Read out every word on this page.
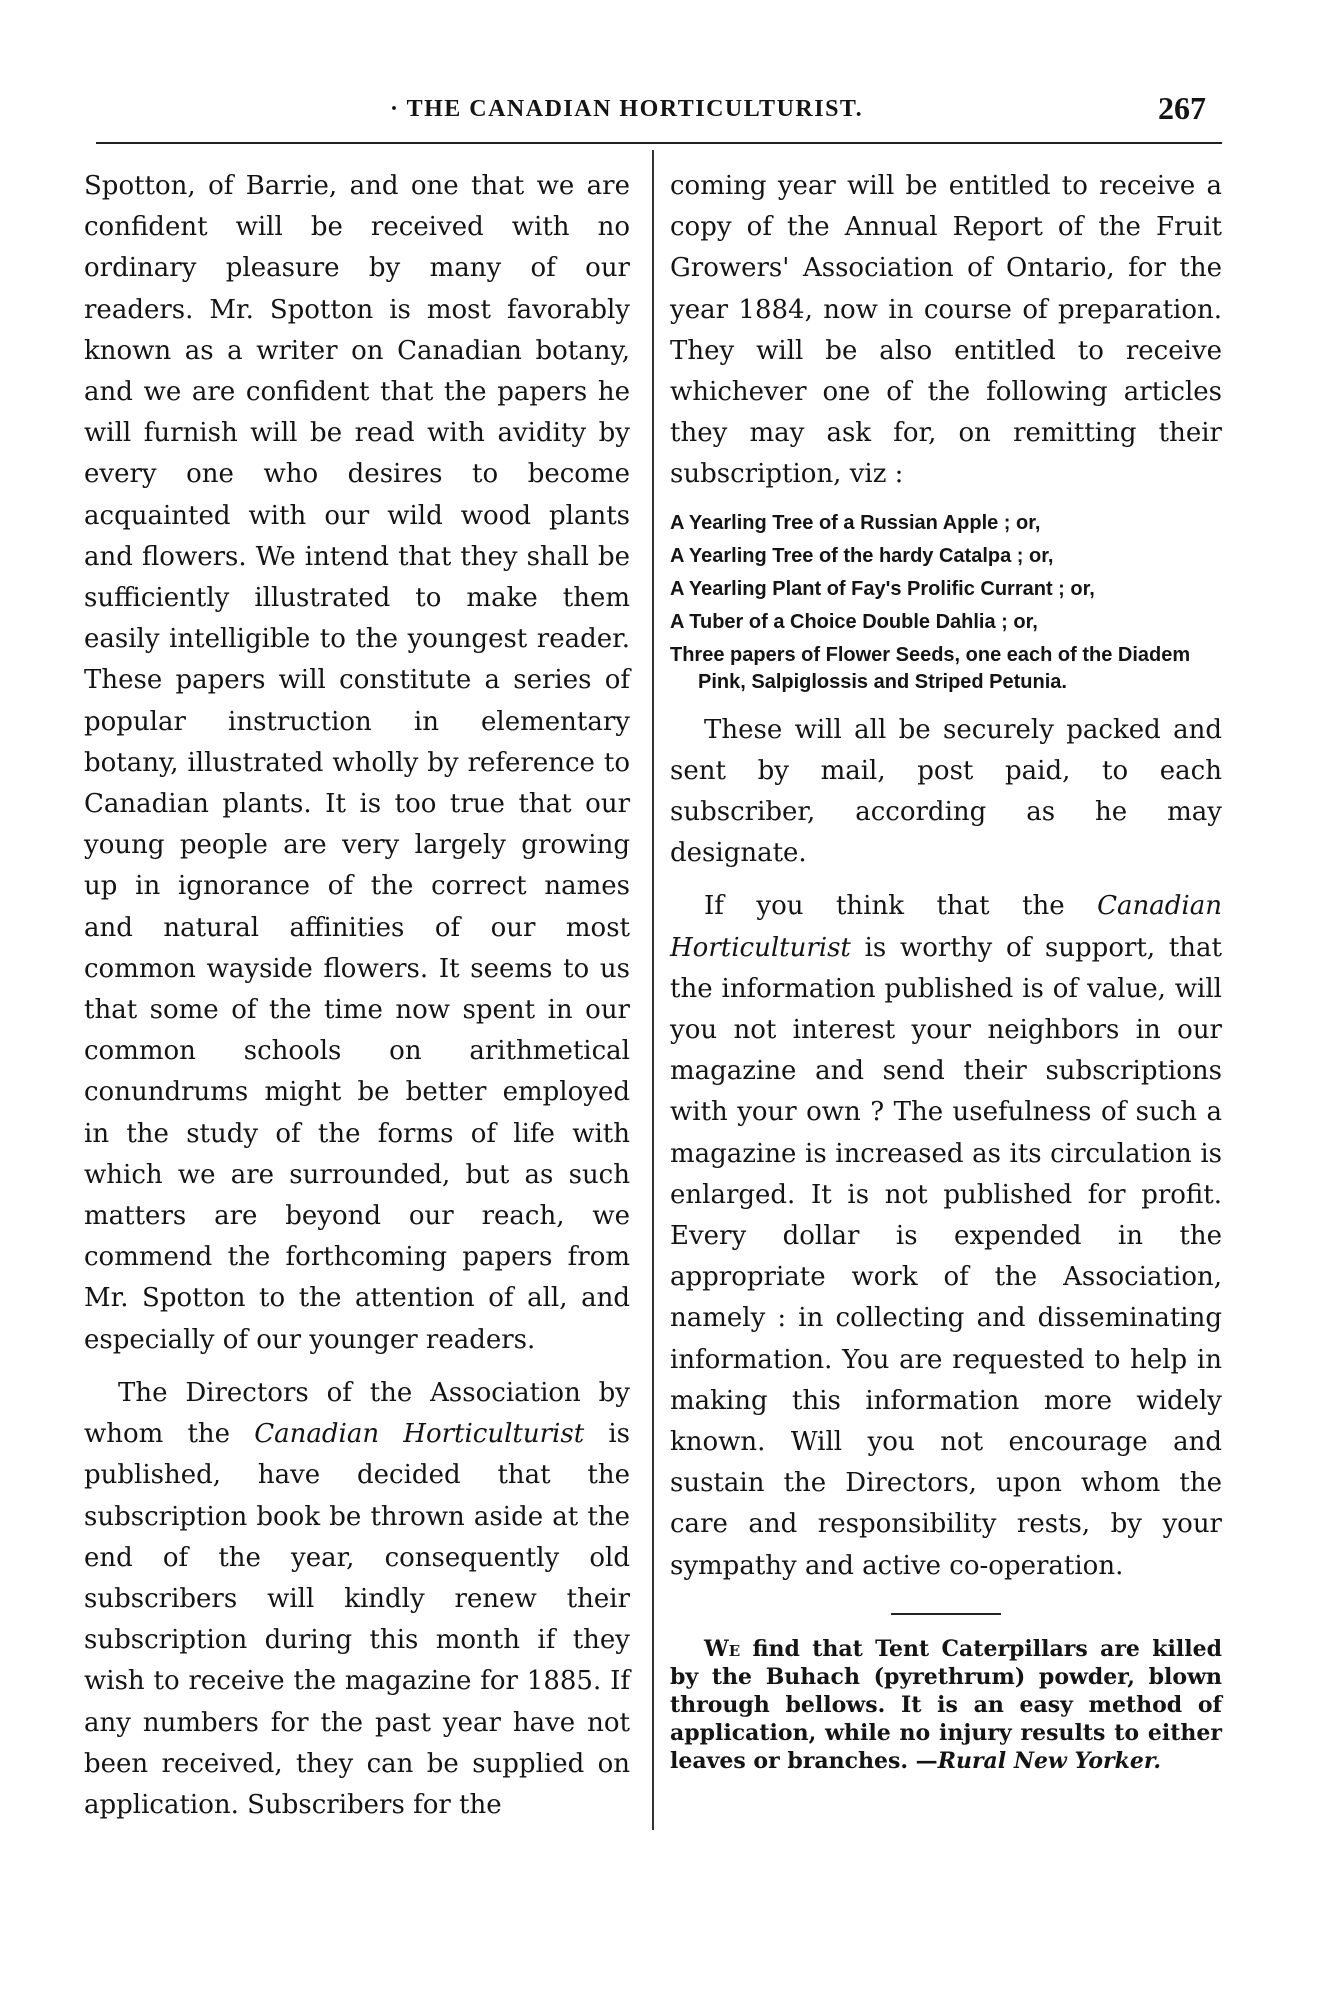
· THE CANADIAN HORTICULTURIST.	267

Spotton, of Barrie, and one that we are confident will be received with no ordinary pleasure by many of our readers. Mr. Spotton is most favorably known as a writer on Canadian botany, and we are confident that the papers he will furnish will be read with avidity by every one who desires to become acquainted with our wild wood plants and flowers. We intend that they shall be sufficiently illustrated to make them easily intelligible to the youngest reader. These papers will constitute a series of popular instruction in elementary botany, illustrated wholly by reference to Canadian plants. It is too true that our young people are very largely growing up in ignorance of the correct names and natural affinities of our most common wayside flowers. It seems to us that some of the time now spent in our common schools on arithmetical conundrums might be better employed in the study of the forms of life with which we are surrounded, but as such matters are beyond our reach, we commend the forthcoming papers from Mr. Spotton to the attention of all, and especially of our younger readers.

The Directors of the Association by whom the Canadian Horticulturist is published, have decided that the subscription book be thrown aside at the end of the year, consequently old subscribers will kindly renew their subscription during this month if they wish to receive the magazine for 1885. If any numbers for the past year have not been received, they can be supplied on application. Subscribers for the

coming year will be entitled to receive a copy of the Annual Report of the Fruit Growers' Association of Ontario, for the year 1884, now in course of preparation. They will be also entitled to receive whichever one of the following articles they may ask for, on remitting their subscription, viz :

A Yearling Tree of a Russian Apple ; or,
A Yearling Tree of the hardy Catalpa ; or,
A Yearling Plant of Fay's Prolific Currant ; or,
A Tuber of a Choice Double Dahlia ; or,
Three papers of Flower Seeds, one each of the Diadem Pink, Salpiglossis and Striped Petunia.

These will all be securely packed and sent by mail, post paid, to each subscriber, according as he may designate.

If you think that the Canadian Horticulturist is worthy of support, that the information published is of value, will you not interest your neighbors in our magazine and send their subscriptions with your own ? The usefulness of such a magazine is increased as its circulation is enlarged. It is not published for profit. Every dollar is expended in the appropriate work of the Association, namely : in collecting and disseminating information. You are requested to help in making this information more widely known. Will you not encourage and sustain the Directors, upon whom the care and responsibility rests, by your sympathy and active co-operation.

We find that Tent Caterpillars are killed by the Buhach (pyrethrum) powder, blown through bellows. It is an easy method of application, while no injury results to either leaves or branches. —Rural New Yorker.
